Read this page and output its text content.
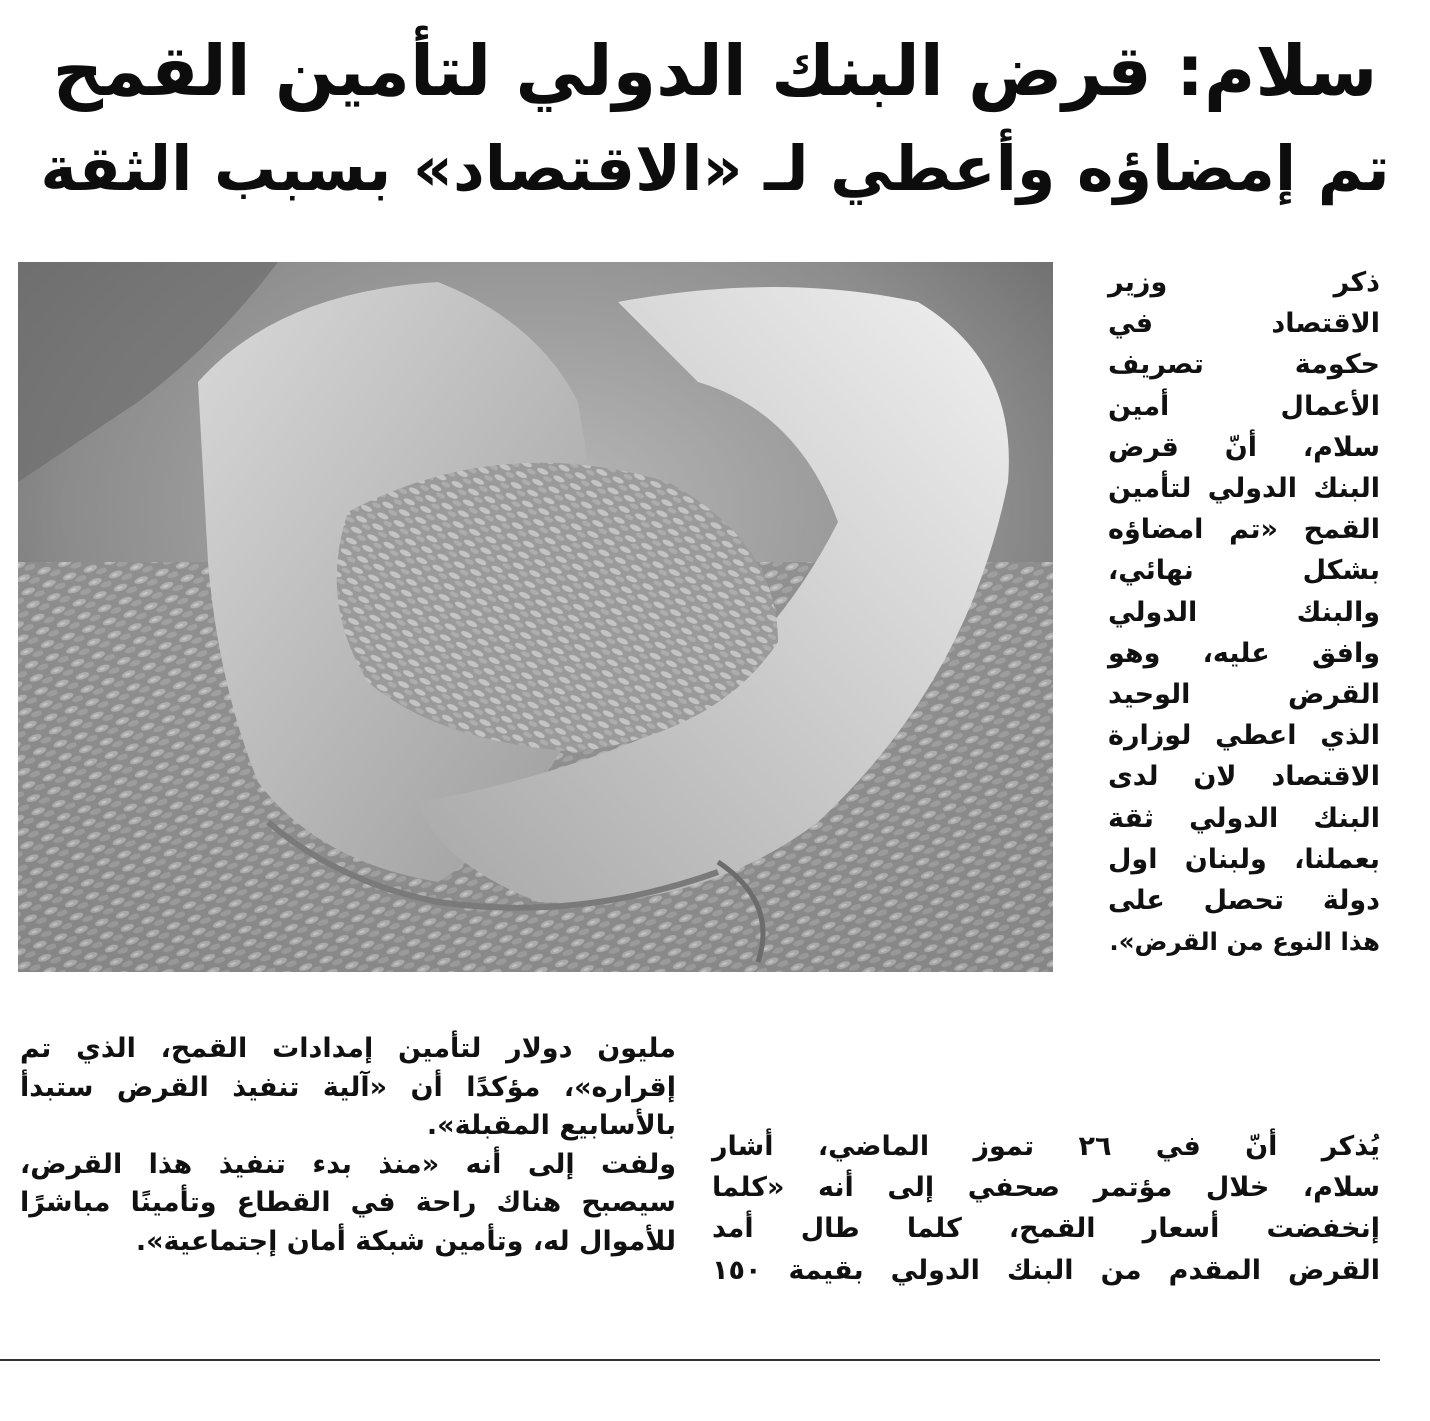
سلام: قرض البنك الدولي لتأمين القمح
تم إمضاؤه وأعطي لـ «الاقتصاد» بسبب الثقة
ذكر وزير
الاقتصاد في
حكومة تصريف
الأعمال أمين
سلام، أنّ قرض
البنك الدولي لتأمين
القمح «تم امضاؤه
بشكل نهائي،
والبنك الدولي
وافق عليه، وهو
القرض الوحيد
الذي اعطي لوزارة
الاقتصاد لان لدى
البنك الدولي ثقة
بعملنا، ولبنان اول
دولة تحصل على
هذا النوع من القرض».
يُذكر أنّ في ٢٦ تموز الماضي، أشار
سلام، خلال مؤتمر صحفي إلى أنه «كلما
إنخفضت أسعار القمح، كلما طال أمد
القرض المقدم من البنك الدولي بقيمة ١٥٠
مليون دولار لتأمين إمدادات القمح، الذي تم
إقراره»، مؤكدًا أن «آلية تنفيذ القرض ستبدأ
بالأسابيع المقبلة».
ولفت إلى أنه «منذ بدء تنفيذ هذا القرض،
سيصبح هناك راحة في القطاع وتأمينًا مباشرًا
للأموال له، وتأمين شبكة أمان إجتماعية».
